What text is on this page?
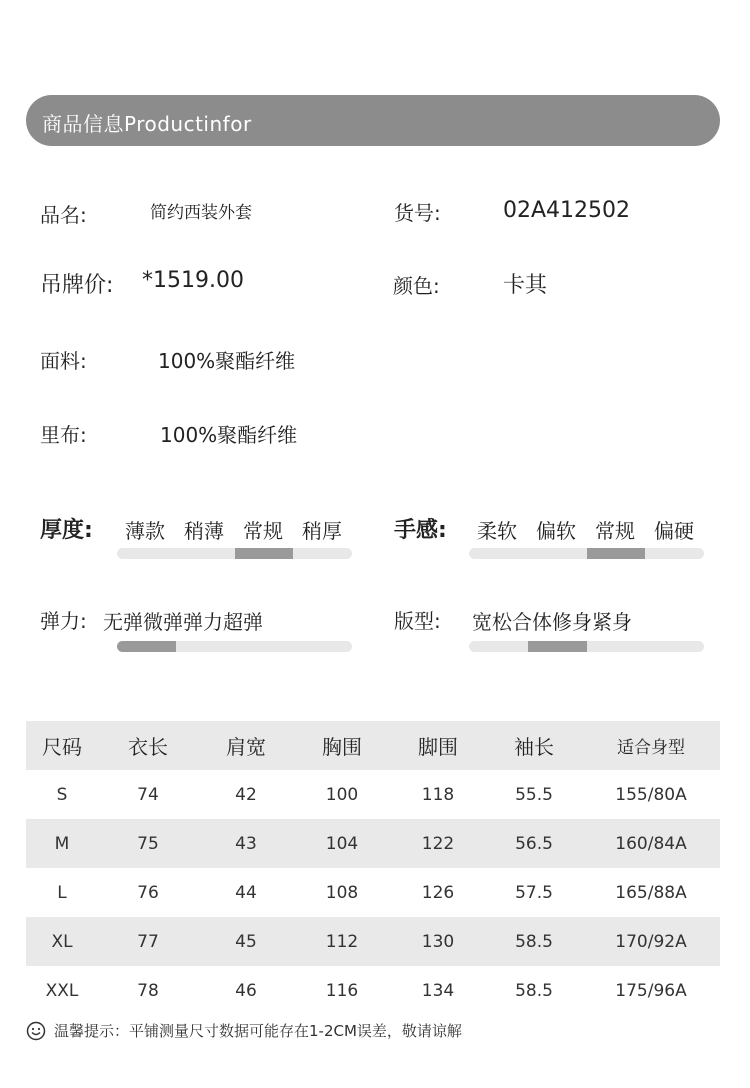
商品信息Productinfor
品名:	简约西装外套	货号:	02A412502
吊牌价: *1519.00	颜色:	卡其
面料:	100%聚酯纤维
里布:	100%聚酯纤维
厚度: 薄款 稍薄 常规 稍厚 手感: 柔软 偏软 常规 偏硬
弹力: 无弹微弹弹力超弹	版型: 宽松合体修身紧身
尺码	衣长	肩宽	胸围	脚围	袖长	适合身型
S	74	42	100	118	55.5	155/80A
M	75	43	104	122	56.5	160/84A
L	76	44	108	126	57.5	165/88A
XL	77	45	112	130	58.5	170/92A
XXL	78	46	116	134	58.5	175/96A
温馨提示：平铺测量尺寸数据可能存在1-2CM误差，敬请谅解
